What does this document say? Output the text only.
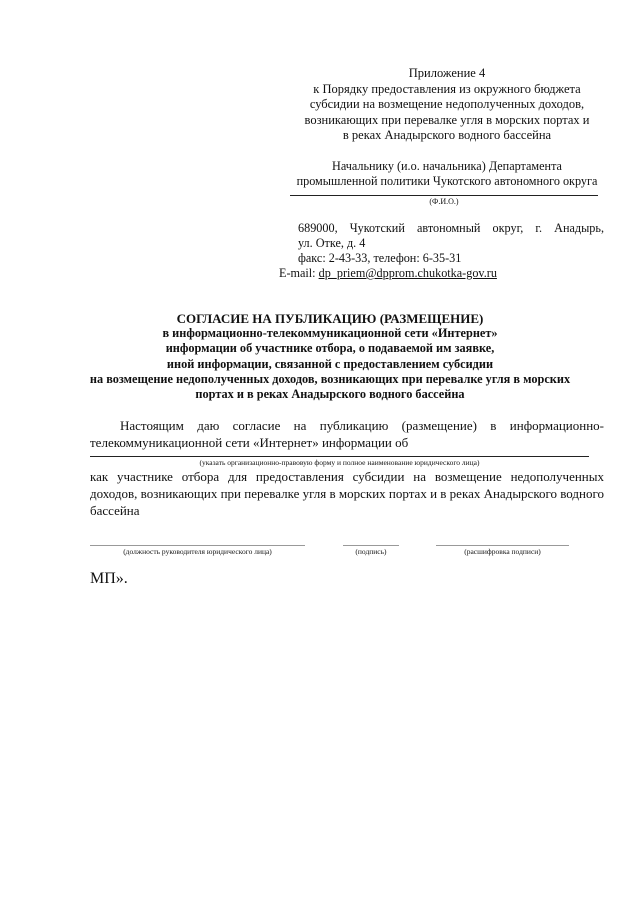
Приложение 4
к Порядку предоставления из окружного бюджета
субсидии на возмещение недополученных доходов,
возникающих при перевалке угля в морских портах и
в реках Анадырского водного бассейна
Начальнику (и.о. начальника) Департамента
промышленной политики Чукотского автономного округа
(Ф.И.О.)
689000, Чукотский автономный округ, г. Анадырь,
ул. Отке, д. 4
факс: 2-43-33, телефон: 6-35-31
E-mail: dp_priem@dpprom.chukotka-gov.ru
СОГЛАСИЕ НА ПУБЛИКАЦИЮ (РАЗМЕЩЕНИЕ)
в информационно-телекоммуникационной сети «Интернет»
информации об участнике отбора, о подаваемой им заявке,
иной информации, связанной с предоставлением субсидии
на возмещение недополученных доходов, возникающих при перевалке угля в морских
портах и в реках Анадырского водного бассейна
Настоящим даю согласие на публикацию (размещение) в информационно-телекоммуникационной сети «Интернет» информации об
(указать организационно-правовую форму и полное наименование юридического лица)
как участнике отбора для предоставления субсидии на возмещение недополученных доходов, возникающих при перевалке угля в морских портах и в реках Анадырского водного бассейна
(должность руководителя юридического лица)	(подпись)	(расшифровка подписи)
МП».
